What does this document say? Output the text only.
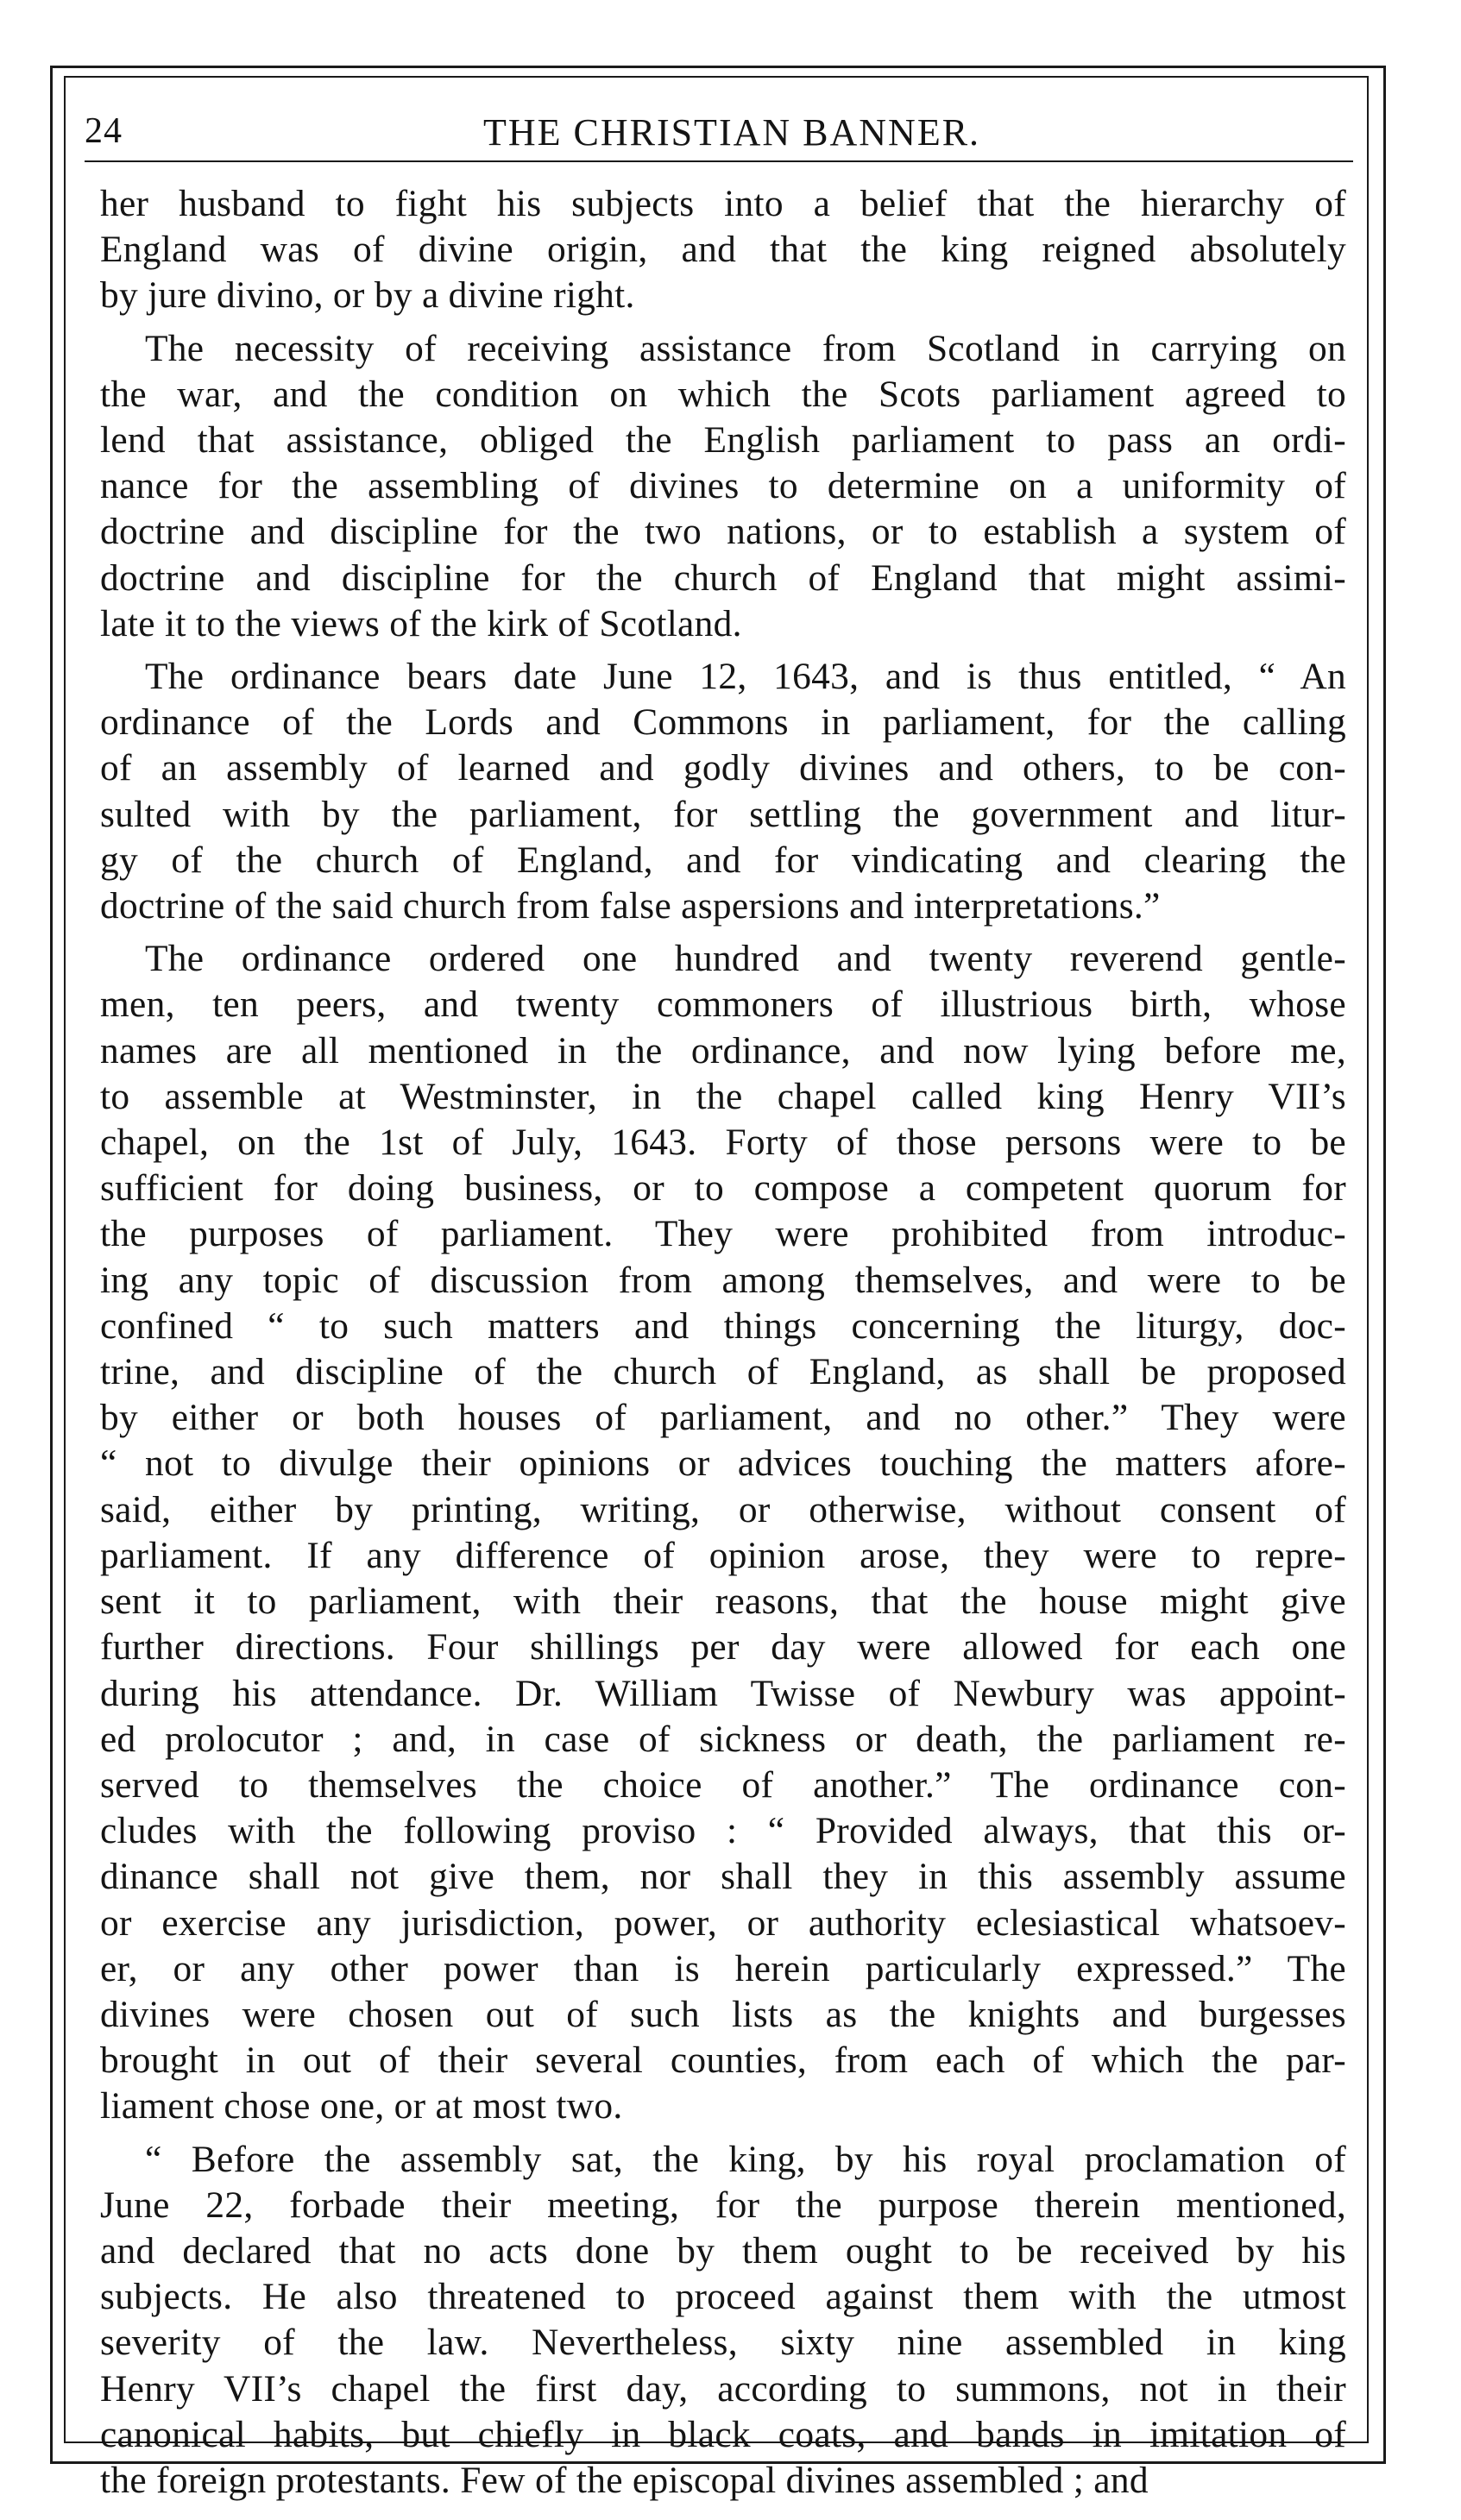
24	THE CHRISTIAN BANNER.
her husband to fight his subjects into a belief that the hierarchy of
England was of divine origin, and that the king reigned absolutely
by jure divino, or by a divine right.
The necessity of receiving assistance from Scotland in carrying on
the war, and the condition on which the Scots parliament agreed to
lend that assistance, obliged the English parliament to pass an ordi-
nance for the assembling of divines to determine on a uniformity of
doctrine and discipline for the two nations, or to establish a system of
doctrine and discipline for the church of England that might assimi-
late it to the views of the kirk of Scotland.
The ordinance bears date June 12, 1643, and is thus entitled, “ An
ordinance of the Lords and Commons in parliament, for the calling
of an assembly of learned and godly divines and others, to be con-
sulted with by the parliament, for settling the government and litur-
gy of the church of England, and for vindicating and clearing the
doctrine of the said church from false aspersions and interpretations.”
The ordinance ordered one hundred and twenty reverend gentle-
men, ten peers, and twenty commoners of illustrious birth, whose
names are all mentioned in the ordinance, and now lying before me,
to assemble at Westminster, in the chapel called king Henry VII’s
chapel, on the 1st of July, 1643. Forty of those persons were to be
sufficient for doing business, or to compose a competent quorum for
the purposes of parliament. They were prohibited from introduc-
ing any topic of discussion from among themselves, and were to be
confined “ to such matters and things concerning the liturgy, doc-
trine, and discipline of the church of England, as shall be proposed
by either or both houses of parliament, and no other.” They were
“ not to divulge their opinions or advices touching the matters afore-
said, either by printing, writing, or otherwise, without consent of
parliament. If any difference of opinion arose, they were to repre-
sent it to parliament, with their reasons, that the house might give
further directions. Four shillings per day were allowed for each one
during his attendance. Dr. William Twisse of Newbury was appoint-
ed prolocutor ; and, in case of sickness or death, the parliament re-
served to themselves the choice of another.” The ordinance con-
cludes with the following proviso : “ Provided always, that this or-
dinance shall not give them, nor shall they in this assembly assume
or exercise any jurisdiction, power, or authority eclesiastical whatsoev-
er, or any other power than is herein particularly expressed.” The
divines were chosen out of such lists as the knights and burgesses
brought in out of their several counties, from each of which the par-
liament chose one, or at most two.
“ Before the assembly sat, the king, by his royal proclamation of
June 22, forbade their meeting, for the purpose therein mentioned,
and declared that no acts done by them ought to be received by his
subjects. He also threatened to proceed against them with the utmost
severity of the law. Nevertheless, sixty nine assembled in king
Henry VII’s chapel the first day, according to summons, not in their
canonical habits, but chiefly in black coats, and bands in imitation of
the foreign protestants. Few of the episcopal divines assembled ; and
